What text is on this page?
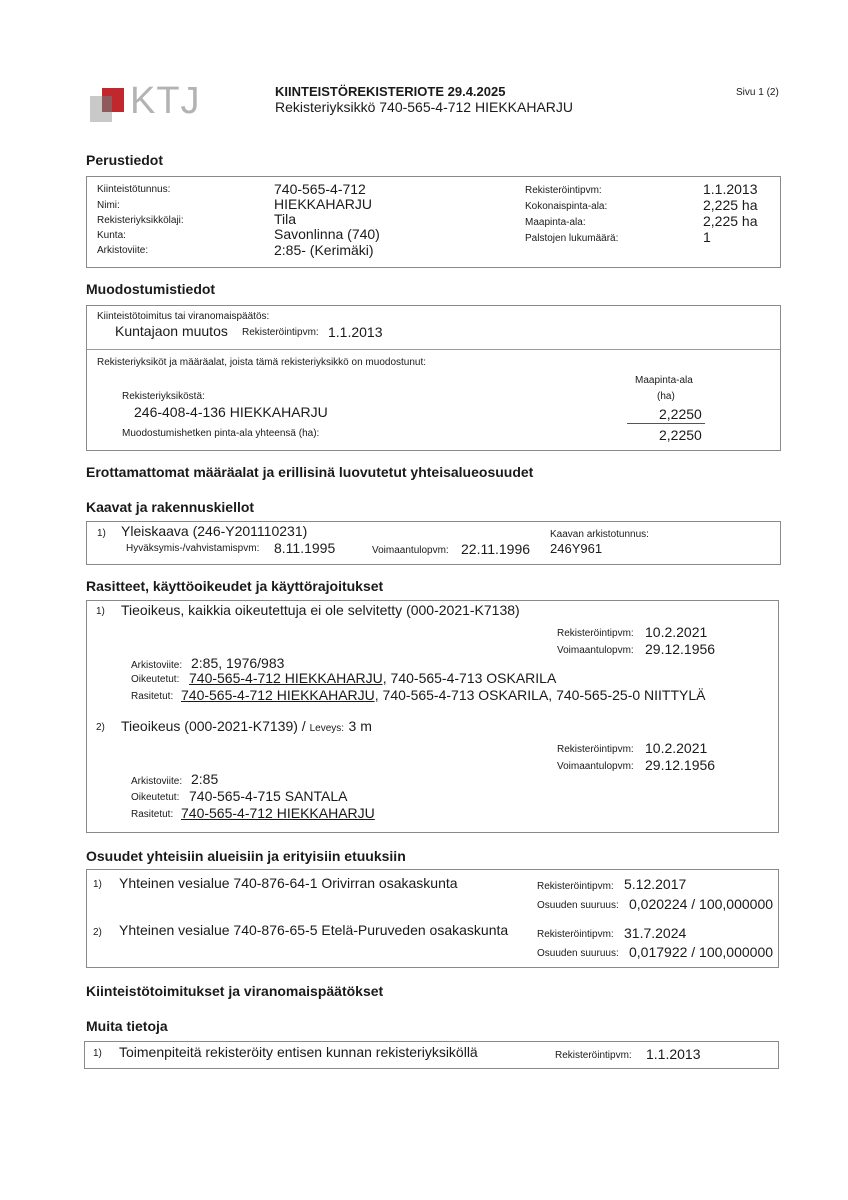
KTJ	KIINTEISTÖREKISTERIOTE 29.4.2025
Rekisteriyksikkö 740-565-4-712 HIEKKAHARJU
Sivu 1 (2)
Perustiedot
Kiinteistötunnus:	740-565-4-712
Nimi:	HIEKKAHARJU
Rekisteriyksikkölaji:	Tila
Kunta:	Savonlinna (740)
Arkistoviite:	2:85- (Kerimäki)
Rekisteröintipvm:	1.1.2013
Kokonaispinta-ala:	2,225 ha
Maapinta-ala:	2,225 ha
Palstojen lukumäärä:	1
Muodostumistiedot
Kiinteistötoimitus tai viranomaispäätös:
Kuntajaon muutos Rekisteröintipvm: 1.1.2013
Rekisteriyksiköt ja määräalat, joista tämä rekisteriyksikkö on muodostunut:
Maapinta-ala
(ha)
Rekisteriyksiköstä:
246-408-4-136 HIEKKAHARJU	2,2250
Muodostumishetken pinta-ala yhteensä (ha):	2,2250
Erottamattomat määräalat ja erillisinä luovutetut yhteisalueosuudet
Kaavat ja rakennuskiellot
1) Yleiskaava (246-Y201110231)
Hyväksymis-/vahvistamispvm: 8.11.1995	Voimaantulopvm: 22.11.1996
Kaavan arkistotunnus:
246Y961
Rasitteet, käyttöoikeudet ja käyttörajoitukset
1) Tieoikeus, kaikkia oikeutettuja ei ole selvitetty (000-2021-K7138)
Rekisteröintipvm: 10.2.2021
Voimaantulopvm: 29.12.1956
Arkistoviite: 2:85, 1976/983
Oikeutetut: 740-565-4-712 HIEKKAHARJU, 740-565-4-713 OSKARILA
Rasitetut: 740-565-4-712 HIEKKAHARJU, 740-565-4-713 OSKARILA, 740-565-25-0 NIITTYLÄ
2) Tieoikeus (000-2021-K7139) / Leveys: 3 m
Rekisteröintipvm: 10.2.2021
Voimaantulopvm: 29.12.1956
Arkistoviite: 2:85
Oikeutetut: 740-565-4-715 SANTALA
Rasitetut: 740-565-4-712 HIEKKAHARJU
Osuudet yhteisiin alueisiin ja erityisiin etuuksiin
1) Yhteinen vesialue 740-876-64-1 Orivirran osakaskunta	Rekisteröintipvm: 5.12.2017
Osuuden suuruus: 0,020224 / 100,000000
2) Yhteinen vesialue 740-876-65-5 Etelä-Puruveden osakaskunta	Rekisteröintipvm: 31.7.2024
Osuuden suuruus: 0,017922 / 100,000000
Kiinteistötoimitukset ja viranomaispäätökset
Muita tietoja
1) Toimenpiteitä rekisteröity entisen kunnan rekisteriyksiköllä	Rekisteröintipvm: 1.1.2013
